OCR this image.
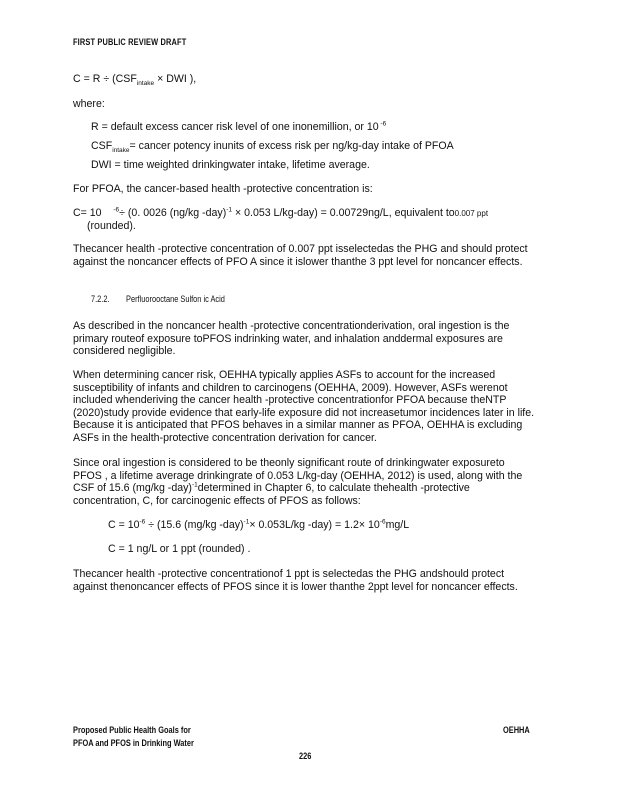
FIRST PUBLIC REVIEW DRAFT
$C = R \div (CSF_{intake}$ × DWI ),
where:
R = default excess cancer risk level of one inonemillion, or 10 $^{-6}$
$CSF_{intake}=$ cancer potency inunits of excess risk per ng/kg-day intake of PFOA
DWI = time weighted drinkingwater intake, lifetime average.
For PFOA, the cancer-based health -protective concentration is:
C= 10 $^{-6}$÷ (0. 0026 (ng/kg -day)$^{-1}$ × 0.053 L/kg-day) = 0.00729ng/L, equivalent to0.007 ppt
(rounded).
Thecancer health -protective concentration of 0.007 ppt isselectedas the PHG and should protect against the noncancer effects of PFO A since it islower thanthe 3 ppt level for noncancer effects.
7.2.2. Perfluorooctane Sulfon ic Acid
As described in the noncancer health -protective concentrationderivation, oral ingestion is the primary routeof exposure toPFOS indrinking water, and inhalation anddermal exposures are considered negligible.
When determining cancer risk, OEHHA typically applies ASFs to account for the increased susceptibility of infants and children to carcinogens (OEHHA, 2009). However, ASFs werenot included whenderiving the cancer health -protective concentrationfor PFOA because theNTP (2020)study provide evidence that early-life exposure did not increasetumor incidences later in life. Because it is anticipated that PFOS behaves in a similar manner as PFOA, OEHHA is excluding ASFs in the health-protective concentration derivation for cancer.
Since oral ingestion is considered to be theonly significant route of drinkingwater exposureto PFOS , a lifetime average drinkingrate of 0.053 L/kg-day (OEHHA, 2012) is used, along with the CSF of 15.6 (mg/kg -day)$^{-1}$determined in Chapter 6, to calculate thehealth -protective concentration, C, for carcinogenic effects of PFOS as follows:
$C = 10^{-6} \div (15.6$ (mg/kg -day)$^{-1}$× 0.053L/kg $-day) = 1.2\times 10^{-6}mg/L$
C = 1 ng/L or 1 ppt (rounded) .
Thecancer health -protective concentrationof 1 ppt is selectedas the PHG andshould protect against thenoncancer effects of PFOS since it is lower thanthe 2ppt level for noncancer effects.
Proposed Public Health Goals for
PFOA and PFOS in Drinking Water
OEHHA
226
